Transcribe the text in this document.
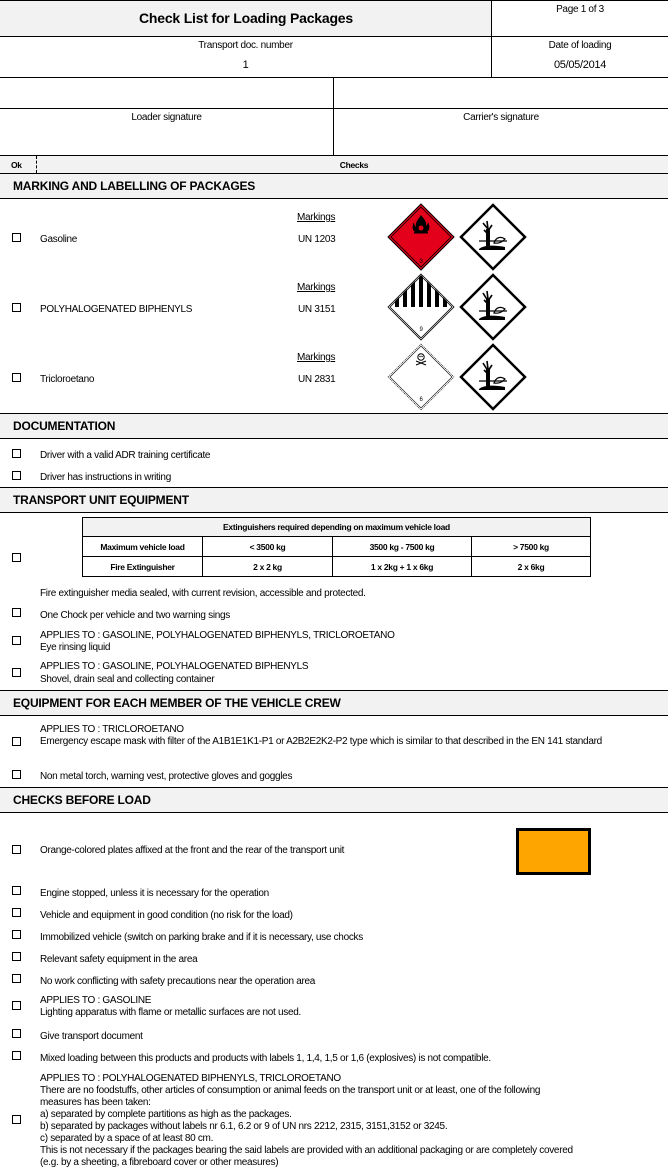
Check List for Loading Packages
Page 1 of 3
Transport doc. number
1
Date of loading
05/05/2014
Loader signature	Carrier's signature
Ok	Checks
MARKING AND LABELLING OF PACKAGES
Gasoline
Markings
UN 1203
3
POLYHALOGENATED BIPHENYLS
Markings
UN 3151
9
Tricloroetano
Markings
UN 2831
6
DOCUMENTATION
Driver with a valid ADR training certificate
Driver has instructions in writing
TRANSPORT UNIT EQUIPMENT
Extinguishers required depending on maximum vehicle load			
Maximum vehicle load	< 3500 kg	3500 kg - 7500 kg	> 7500 kg
Fire Extinguisher	2 x 2 kg	1 x 2kg + 1 x 6kg	2 x 6kg
Fire extinguisher media sealed, with current revision, accessible and protected.
One Chock per vehicle and two warning sings
APPLIES TO : GASOLINE, POLYHALOGENATED BIPHENYLS, TRICLOROETANO
Eye rinsing liquid
APPLIES TO : GASOLINE, POLYHALOGENATED BIPHENYLS
Shovel, drain seal and collecting container
EQUIPMENT FOR EACH MEMBER OF THE VEHICLE CREW
APPLIES TO : TRICLOROETANO
Emergency escape mask with filter of the A1B1E1K1-P1 or A2B2E2K2-P2 type which is similar to that described in the EN 141 standard
Non metal torch, warning vest, protective gloves and goggles
CHECKS BEFORE LOAD
Orange-colored plates affixed at the front and the rear of the transport unit
Engine stopped, unless it is necessary for the operation
Vehicle and equipment in good condition (no risk for the load)
Immobilized vehicle (switch on parking brake and if it is necessary, use chocks
Relevant safety equipment in the area
No work conflicting with safety precautions near the operation area
APPLIES TO : GASOLINE
Lighting apparatus with flame or metallic surfaces are not used.
Give transport document
Mixed loading between this products and products with labels 1, 1,4, 1,5 or 1,6 (explosives) is not compatible.
APPLIES TO : POLYHALOGENATED BIPHENYLS, TRICLOROETANO
There are no foodstuffs, other articles of consumption or animal feeds on the transport unit or at least, one of the following
measures has been taken:
a) separated by complete partitions as high as the packages.
b) separated by packages without labels nr 6.1, 6.2 or 9 of UN nrs 2212, 2315, 3151,3152 or 3245.
c) separated by a space of at least 80 cm.
This is not necessary if the packages bearing the said labels are provided with an additional packaging or are completely covered
(e.g. by a sheeting, a fibreboard cover or other measures)
